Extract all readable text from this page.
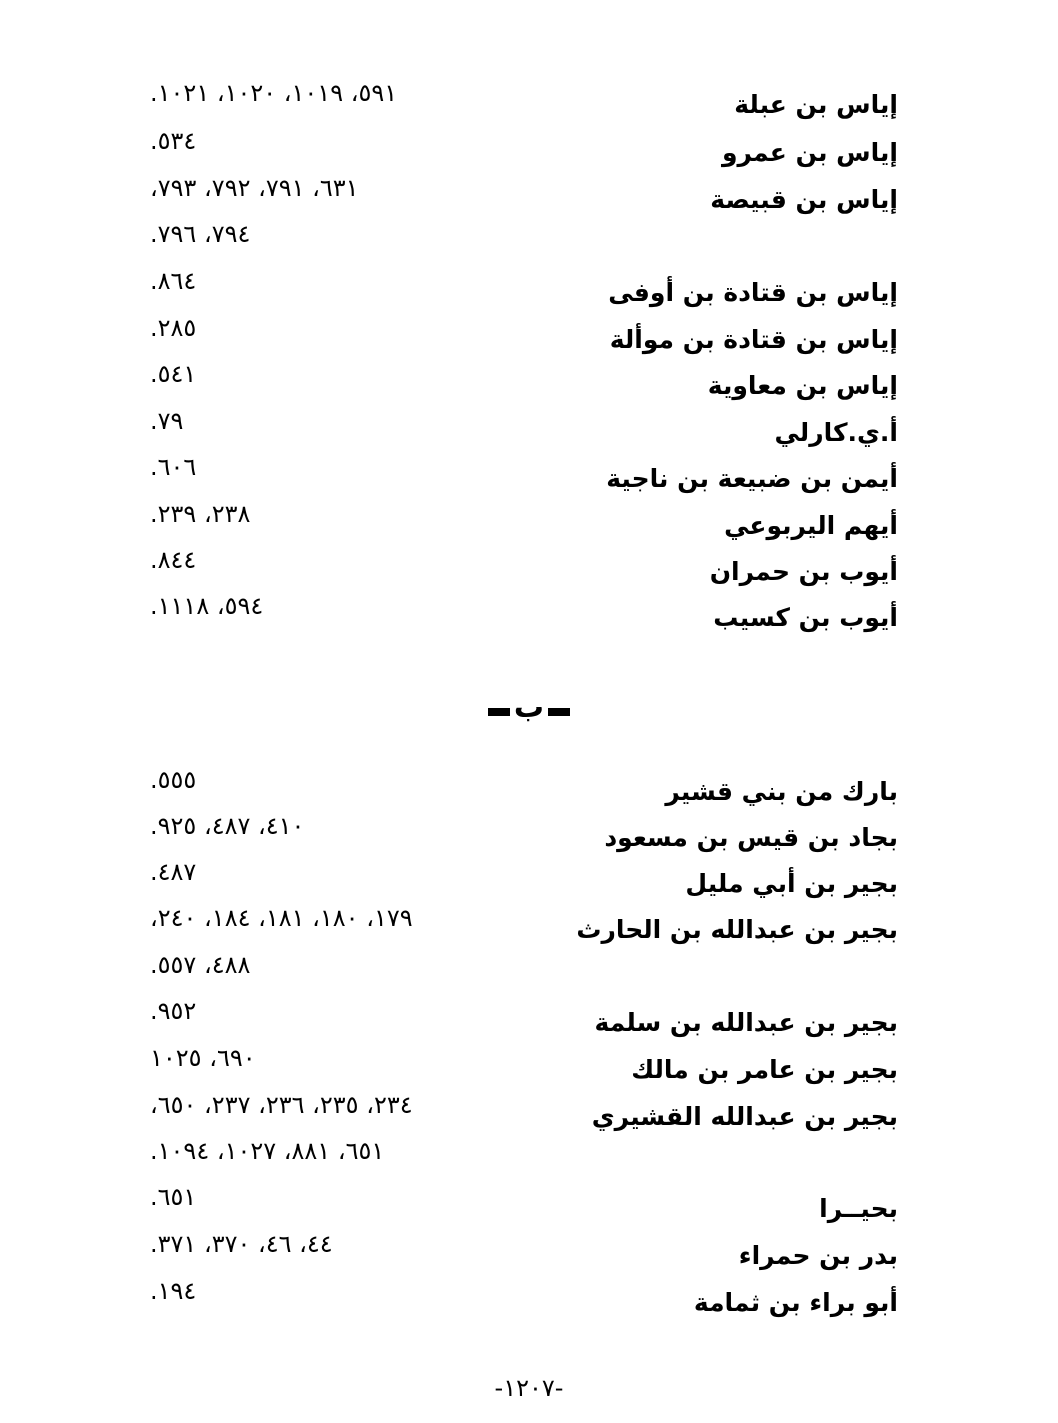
إياس بن عبلة
٥٩١، ١٠١٩، ١٠٢٠، ١٠٢١.
إياس بن عمرو
٥٣٤.
إياس بن قبيصة
٦٣١، ٧٩١، ٧٩٢، ٧٩٣،
٧٩٤، ٧٩٦.
إياس بن قتادة بن أوفى
٨٦٤.
إياس بن قتادة بن موألة
٢٨٥.
إياس بن معاوية
٥٤١.
أ.ي.كارلي
٧٩.
أيمن بن ضبيعة بن ناجية
٦٠٦.
أيهم اليربوعي
٢٣٨، ٢٣٩.
أيوب بن حمران
٨٤٤.
أيوب بن كسيب
٥٩٤، ١١١٨.
ب
بارك من بني قشير
٥٥٥.
بجاد بن قيس بن مسعود
٤١٠، ٤٨٧، ٩٢٥.
بجير بن أبي مليل
٤٨٧.
بجير بن عبدالله بن الحارث
١٧٩، ١٨٠، ١٨١، ١٨٤، ٢٤٠،
٤٨٨، ٥٥٧.
بجير بن عبدالله بن سلمة
٩٥٢.
بجير بن عامر بن مالك
٦٩٠، ١٠٢٥
بجير بن عبدالله القشيري
٢٣٤، ٢٣٥، ٢٣٦، ٢٣٧، ٦٥٠،
٦٥١، ٨٨١، ١٠٢٧، ١٠٩٤.
بحيــرا
٦٥١.
بدر بن حمراء
٤٤، ٤٦، ٣٧٠، ٣٧١.
أبو براء بن ثمامة
١٩٤.
-١٢٠٧-
